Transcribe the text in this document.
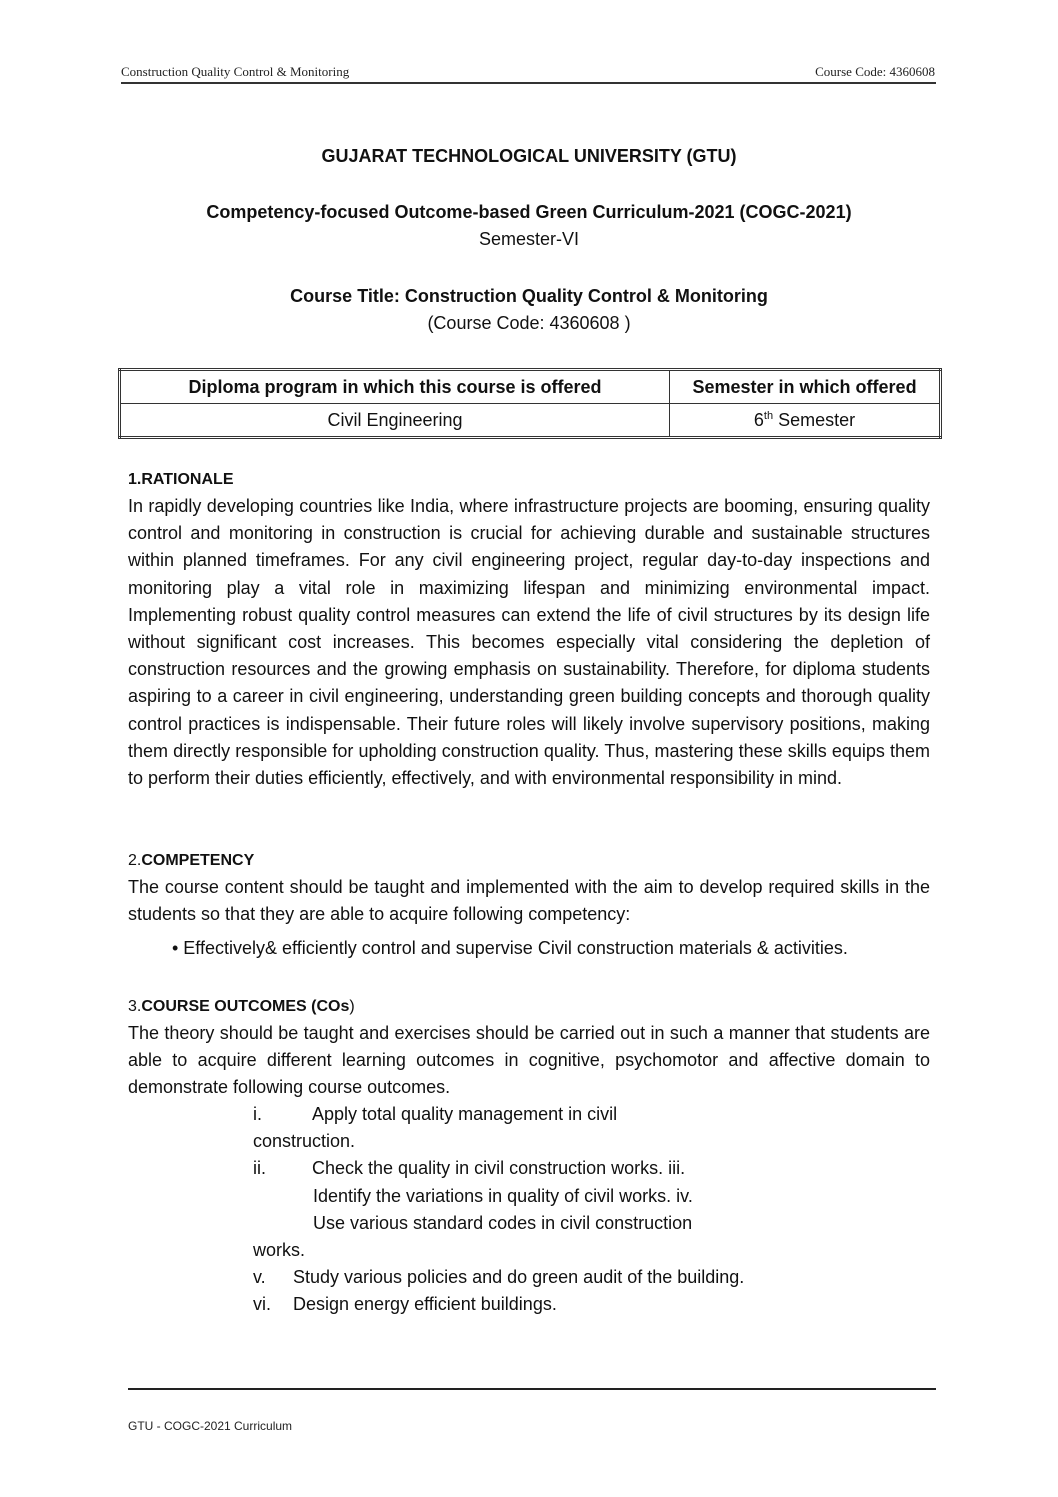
Construction Quality Control & Monitoring	Course Code: 4360608
GUJARAT TECHNOLOGICAL UNIVERSITY (GTU)
Competency-focused Outcome-based Green Curriculum-2021 (COGC-2021)
Semester-VI
Course Title: Construction Quality Control & Monitoring
(Course Code: 4360608 )
Diploma program in which this course is offered	Semester in which offered
Civil Engineering	6th Semester
1.RATIONALE

In rapidly developing countries like India, where infrastructure projects are booming, ensuring quality control and monitoring in construction is crucial for achieving durable and sustainable structures within planned timeframes. For any civil engineering project, regular day-to-day inspections and monitoring play a vital role in maximizing lifespan and minimizing environmental impact. Implementing robust quality control measures can extend the life of civil structures by its design life without significant cost increases. This becomes especially vital considering the depletion of construction resources and the growing emphasis on sustainability. Therefore, for diploma students aspiring to a career in civil engineering, understanding green building concepts and thorough quality control practices is indispensable. Their future roles will likely involve supervisory positions, making them directly responsible for upholding construction quality. Thus, mastering these skills equips them to perform their duties efficiently, effectively, and with environmental responsibility in mind.

2.COMPETENCY

The course content should be taught and implemented with the aim to develop required skills in the students so that they are able to acquire following competency:

• Effectively& efficiently control and supervise Civil construction materials & activities.

3.COURSE OUTCOMES (COs)

The theory should be taught and exercises should be carried out in such a manner that students are able to acquire different learning outcomes in cognitive, psychomotor and affective domain to demonstrate following course outcomes.

i.	Apply total quality management in civil
construction.
ii.	Check the quality in civil construction works. iii.
Identify the variations in quality of civil works. iv.
Use various standard codes in civil construction
works.
v. Study various policies and do green audit of the building.
vi. Design energy efficient buildings.
GTU - COGC-2021 Curriculum
